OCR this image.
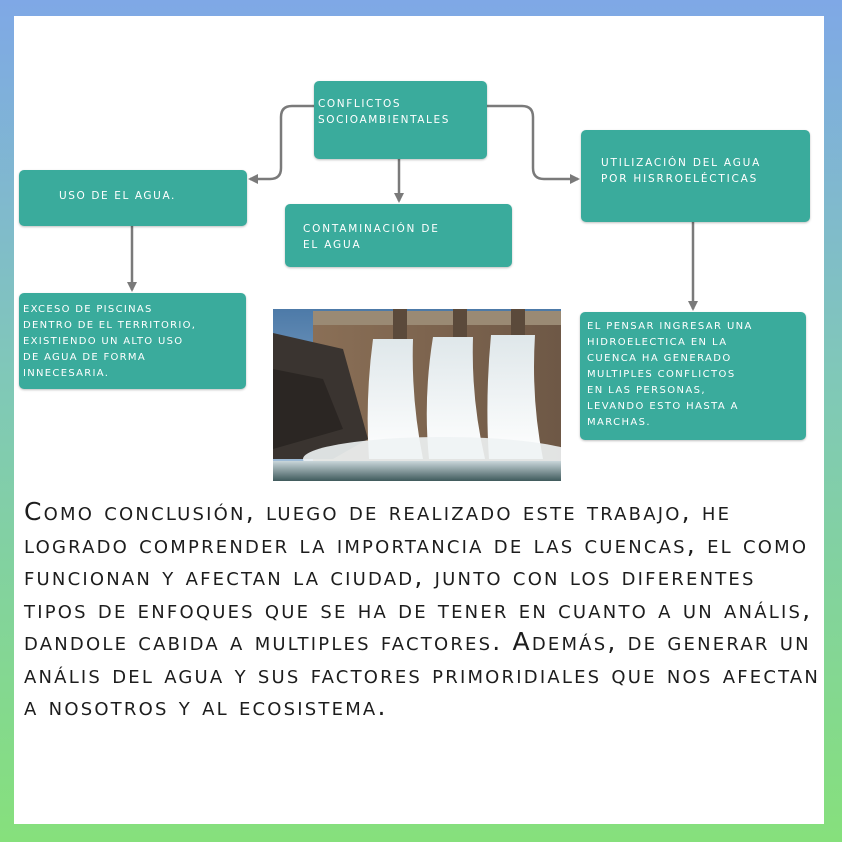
CONFLICTOS
SOCIOAMBIENTALES
USO DE EL AGUA.
CONTAMINACIÓN DE
EL AGUA
UTILIZACIÓN DEL AGUA
POR HISRROELÉCTICAS
EXCESO DE PISCINAS
DENTRO DE EL TERRITORIO,
EXISTIENDO UN ALTO USO
DE AGUA DE FORMA
INNECESARIA.
EL PENSAR INGRESAR UNA
HIDROELECTICA EN LA
CUENCA HA GENERADO
MULTIPLES CONFLICTOS
EN LAS PERSONAS,
LEVANDO ESTO HASTA A
MARCHAS.

Como conclusión, luego de realizado este trabajo, he logrado comprender la importancia de las cuencas, el como funcionan y afectan la ciudad, junto con los diferentes tipos de enfoques que se ha de tener en cuanto a un anális, dandole cabida a multiples factores. Además, de generar un anális del agua y sus factores primoridiales que nos afectan a nosotros y al ecosistema.
